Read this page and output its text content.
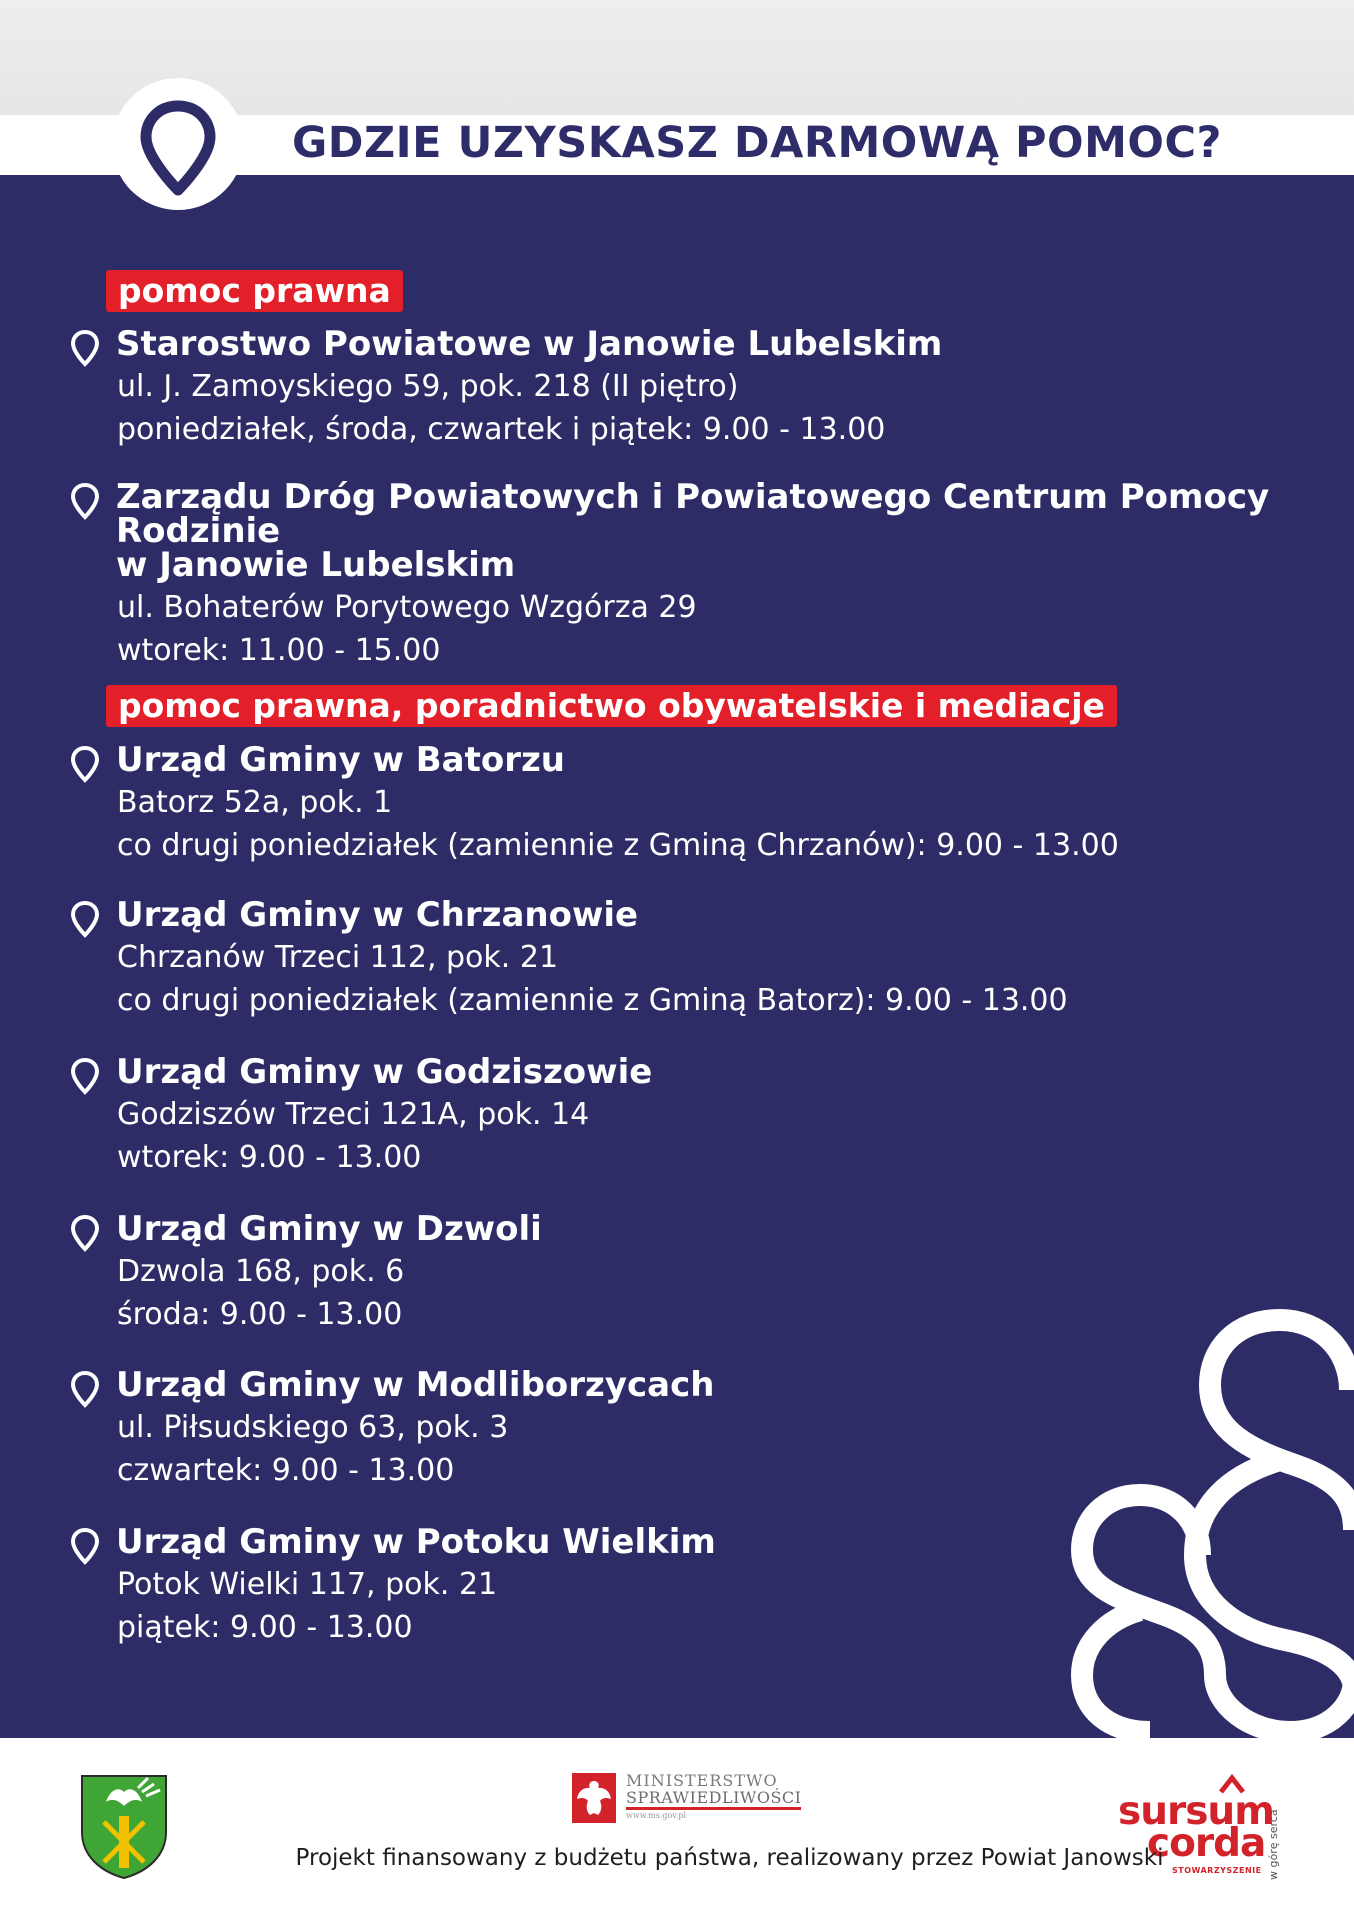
GDZIE UZYSKASZ DARMOWĄ POMOC?
pomoc prawna
Starostwo Powiatowe w Janowie Lubelskim
ul. J. Zamoyskiego 59, pok. 218 (II piętro)
poniedziałek, środa, czwartek i piątek: 9.00 - 13.00
Zarządu Dróg Powiatowych i Powiatowego Centrum Pomocy Rodzinie
w Janowie Lubelskim
ul. Bohaterów Porytowego Wzgórza 29
wtorek: 11.00 - 15.00
pomoc prawna, poradnictwo obywatelskie i mediacje
Urząd Gminy w Batorzu
Batorz 52a, pok. 1
co drugi poniedziałek (zamiennie z Gminą Chrzanów): 9.00 - 13.00
Urząd Gminy w Chrzanowie
Chrzanów Trzeci 112, pok. 21
co drugi poniedziałek (zamiennie z Gminą Batorz): 9.00 - 13.00
Urząd Gminy w Godziszowie
Godziszów Trzeci 121A, pok. 14
wtorek: 9.00 - 13.00
Urząd Gminy w Dzwoli
Dzwola 168, pok. 6
środa: 9.00 - 13.00
Urząd Gminy w Modliborzycach
ul. Piłsudskiego 63, pok. 3
czwartek: 9.00 - 13.00
Urząd Gminy w Potoku Wielkim
Potok Wielki 117, pok. 21
piątek: 9.00 - 13.00
MINISTERSTWO
SPRAWIEDLIWOŚCI
www.ms.gov.pl	sursum
corda
STOWARZYSZENIE w górę serca
Projekt finansowany z budżetu państwa, realizowany przez Powiat Janowski
